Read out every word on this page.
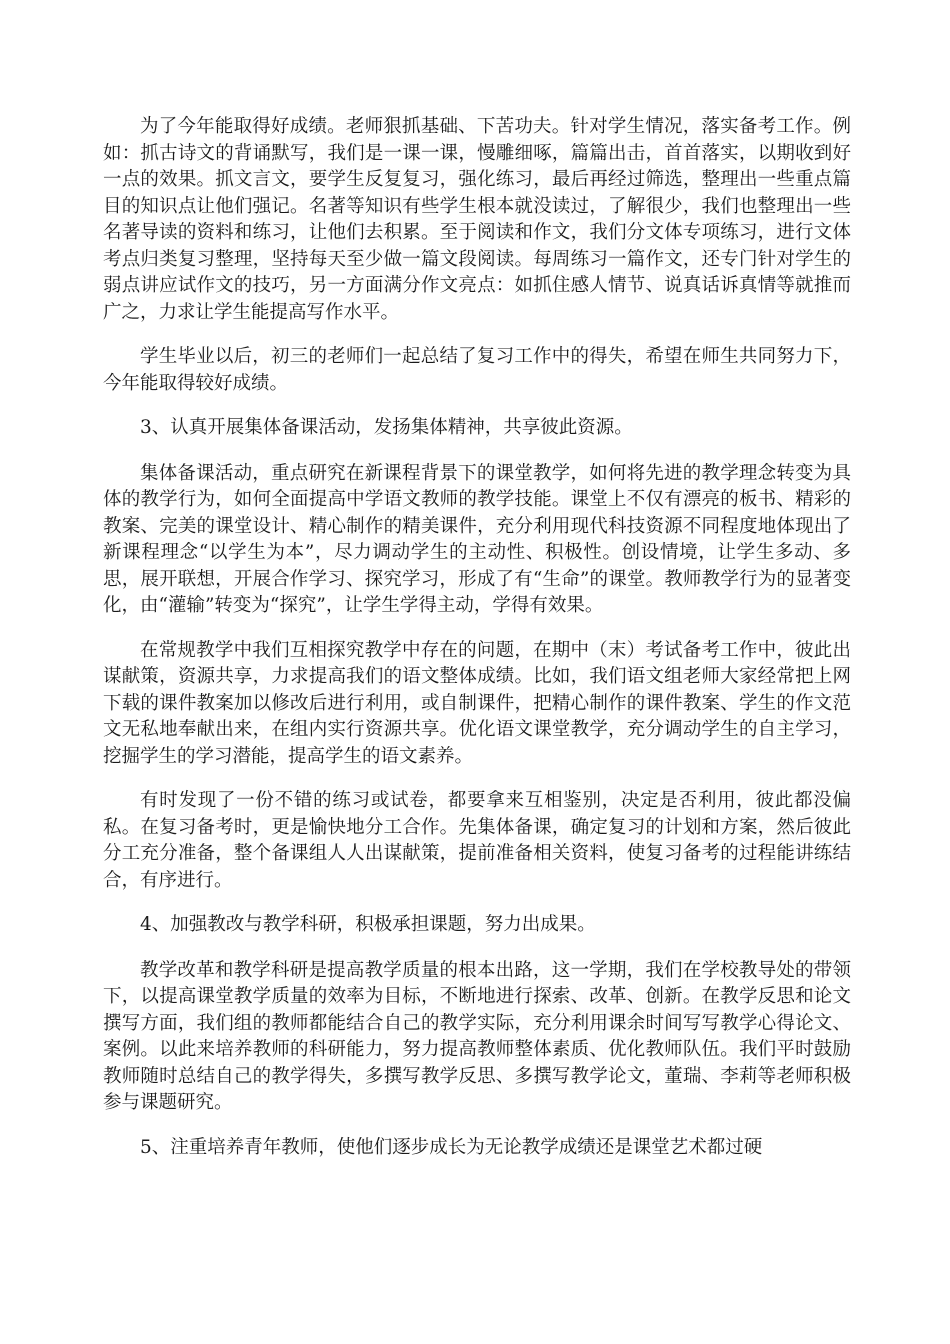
为了今年能取得好成绩。老师狠抓基础、下苦功夫。针对学生情况，落实备考工作。例如：抓古诗文的背诵默写，我们是一课一课，慢雕细啄，篇篇出击，首首落实，以期收到好一点的效果。抓文言文，要学生反复复习，强化练习，最后再经过筛选，整理出一些重点篇目的知识点让他们强记。名著等知识有些学生根本就没读过，了解很少，我们也整理出一些名著导读的资料和练习，让他们去积累。至于阅读和作文，我们分文体专项练习，进行文体考点归类复习整理，坚持每天至少做一篇文段阅读。每周练习一篇作文，还专门针对学生的弱点讲应试作文的技巧，另一方面满分作文亮点：如抓住感人情节、说真话诉真情等就推而广之，力求让学生能提高写作水平。

学生毕业以后，初三的老师们一起总结了复习工作中的得失，希望在师生共同努力下，今年能取得较好成绩。

3、认真开展集体备课活动，发扬集体精神，共享彼此资源。

集体备课活动，重点研究在新课程背景下的课堂教学，如何将先进的教学理念转变为具体的教学行为，如何全面提高中学语文教师的教学技能。课堂上不仅有漂亮的板书、精彩的教案、完美的课堂设计、精心制作的精美课件，充分利用现代科技资源不同程度地体现出了新课程理念“以学生为本”，尽力调动学生的主动性、积极性。创设情境，让学生多动、多思，展开联想，开展合作学习、探究学习，形成了有“生命”的课堂。教师教学行为的显著变化，由“灌输”转变为“探究”，让学生学得主动，学得有效果。

在常规教学中我们互相探究教学中存在的问题，在期中（末）考试备考工作中，彼此出谋献策，资源共享，力求提高我们的语文整体成绩。比如，我们语文组老师大家经常把上网下载的课件教案加以修改后进行利用，或自制课件，把精心制作的课件教案、学生的作文范文无私地奉献出来，在组内实行资源共享。优化语文课堂教学，充分调动学生的自主学习，挖掘学生的学习潜能，提高学生的语文素养。

有时发现了一份不错的练习或试卷，都要拿来互相鉴别，决定是否利用，彼此都没偏私。在复习备考时，更是愉快地分工合作。先集体备课，确定复习的计划和方案，然后彼此分工充分准备，整个备课组人人出谋献策，提前准备相关资料，使复习备考的过程能讲练结合，有序进行。

4、加强教改与教学科研，积极承担课题，努力出成果。

教学改革和教学科研是提高教学质量的根本出路，这一学期，我们在学校教导处的带领下，以提高课堂教学质量的效率为目标，不断地进行探索、改革、创新。在教学反思和论文撰写方面，我们组的教师都能结合自己的教学实际，充分利用课余时间写写教学心得论文、案例。以此来培养教师的科研能力，努力提高教师整体素质、优化教师队伍。我们平时鼓励教师随时总结自己的教学得失，多撰写教学反思、多撰写教学论文，董瑞、李莉等老师积极参与课题研究。

5、注重培养青年教师，使他们逐步成长为无论教学成绩还是课堂艺术都过硬
